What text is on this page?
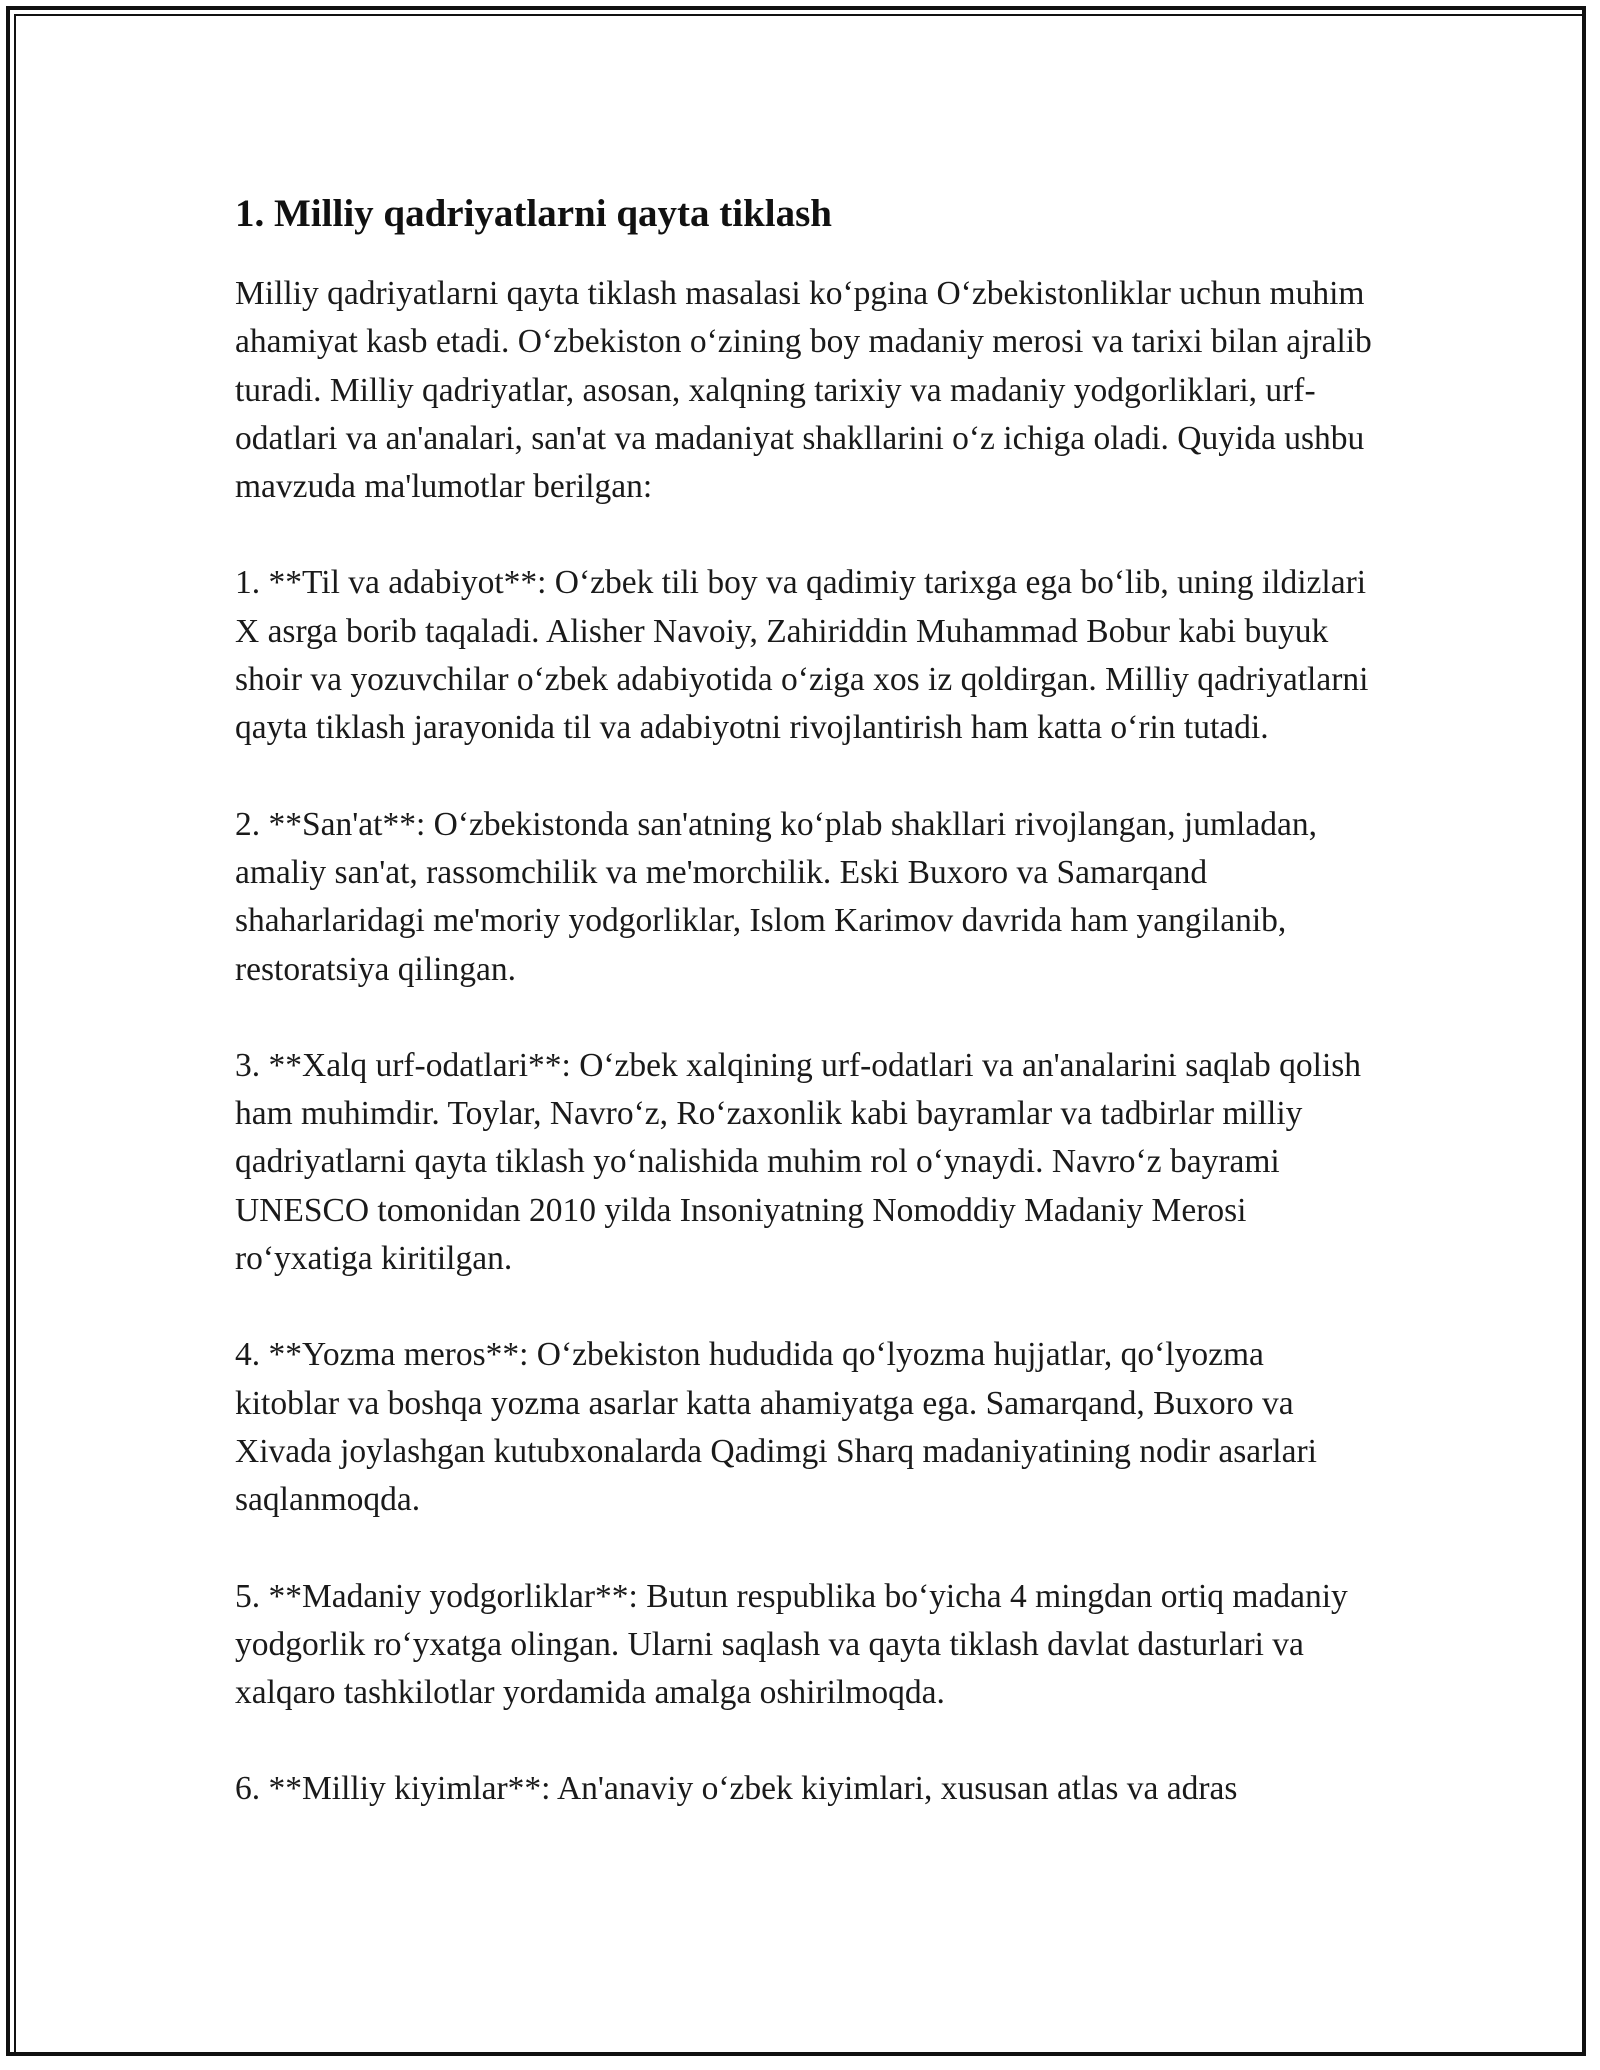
1. Milliy qadriyatlarni qayta tiklash

Milliy qadriyatlarni qayta tiklash masalasi ko‘pgina O‘zbekistonliklar uchun muhim ahamiyat kasb etadi. O‘zbekiston o‘zining boy madaniy merosi va tarixi bilan ajralib turadi. Milliy qadriyatlar, asosan, xalqning tarixiy va madaniy yodgorliklari, urf-odatlari va an'analari, san'at va madaniyat shakllarini o‘z ichiga oladi. Quyida ushbu mavzuda ma'lumotlar berilgan:

1. **Til va adabiyot**: O‘zbek tili boy va qadimiy tarixga ega bo‘lib, uning ildizlari X asrga borib taqaladi. Alisher Navoiy, Zahiriddin Muhammad Bobur kabi buyuk shoir va yozuvchilar o‘zbek adabiyotida o‘ziga xos iz qoldirgan. Milliy qadriyatlarni qayta tiklash jarayonida til va adabiyotni rivojlantirish ham katta o‘rin tutadi.

2. **San'at**: O‘zbekistonda san'atning ko‘plab shakllari rivojlangan, jumladan, amaliy san'at, rassomchilik va me'morchilik. Eski Buxoro va Samarqand shaharlaridagi me'moriy yodgorliklar, Islom Karimov davrida ham yangilanib, restoratsiya qilingan.

3. **Xalq urf-odatlari**: O‘zbek xalqining urf-odatlari va an'analarini saqlab qolish ham muhimdir. Toylar, Navro‘z, Ro‘zaxonlik kabi bayramlar va tadbirlar milliy qadriyatlarni qayta tiklash yo‘nalishida muhim rol o‘ynaydi. Navro‘z bayrami UNESCO tomonidan 2010 yilda Insoniyatning Nomoddiy Madaniy Merosi ro‘yxatiga kiritilgan.

4. **Yozma meros**: O‘zbekiston hududida qo‘lyozma hujjatlar, qo‘lyozma kitoblar va boshqa yozma asarlar katta ahamiyatga ega. Samarqand, Buxoro va Xivada joylashgan kutubxonalarda Qadimgi Sharq madaniyatining nodir asarlari saqlanmoqda.

5. **Madaniy yodgorliklar**: Butun respublika bo‘yicha 4 mingdan ortiq madaniy yodgorlik ro‘yxatga olingan. Ularni saqlash va qayta tiklash davlat dasturlari va xalqaro tashkilotlar yordamida amalga oshirilmoqda.

6. **Milliy kiyimlar**: An'anaviy o‘zbek kiyimlari, xususan atlas va adras
